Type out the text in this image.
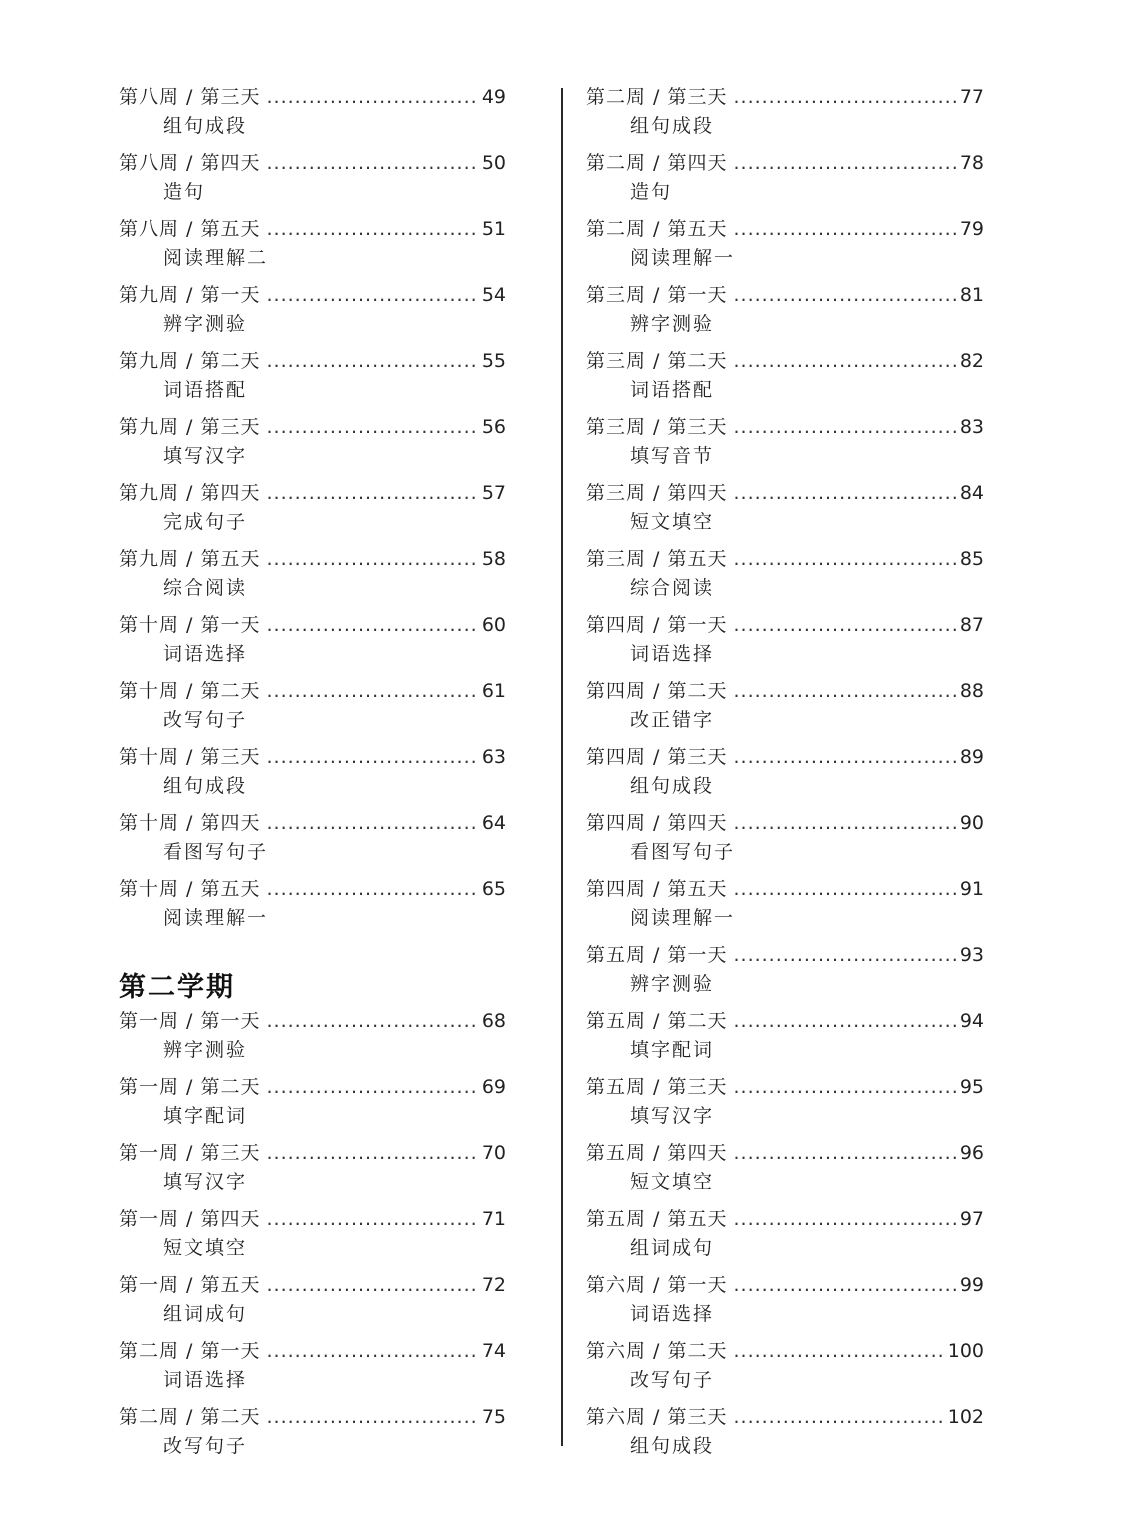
第八周 / 第三天 .....	49
组句成段
第八周 / 第四天 .....	50
造句
第八周 / 第五天 .....	51
阅读理解二
第九周 / 第一天 .....	54
辨字测验
第九周 / 第二天 .....	55
词语搭配
第九周 / 第三天 .....	56
填写汉字
第九周 / 第四天 .....	57
完成句子
第九周 / 第五天 .....	58
综合阅读
第十周 / 第一天 .....	60
词语选择
第十周 / 第二天 .....	61
改写句子
第十周 / 第三天 .....	63
组句成段
第十周 / 第四天 .....	64
看图写句子
第十周 / 第五天 .....	65
阅读理解一
第二学期
第一周 / 第一天 .....	68
辨字测验
第一周 / 第二天 .....	69
填字配词
第一周 / 第三天 .....	70
填写汉字
第一周 / 第四天 .....	71
短文填空
第一周 / 第五天 .....	72
组词成句
第二周 / 第一天 .....	74
词语选择
第二周 / 第二天 .....	75
改写句子
第二周 / 第三天 .....	77
组句成段
第二周 / 第四天 .....	78
造句
第二周 / 第五天 .....	79
阅读理解一
第三周 / 第一天 .....	81
辨字测验
第三周 / 第二天 .....	82
词语搭配
第三周 / 第三天 .....	83
填写音节
第三周 / 第四天 .....	84
短文填空
第三周 / 第五天 .....	85
综合阅读
第四周 / 第一天 .....	87
词语选择
第四周 / 第二天 .....	88
改正错字
第四周 / 第三天 .....	89
组句成段
第四周 / 第四天 .....	90
看图写句子
第四周 / 第五天 .....	91
阅读理解一
第五周 / 第一天 .....	93
辨字测验
第五周 / 第二天 .....	94
填字配词
第五周 / 第三天 .....	95
填写汉字
第五周 / 第四天 .....	96
短文填空
第五周 / 第五天 .....	97
组词成句
第六周 / 第一天 .....	99
词语选择
第六周 / 第二天 .....	100
改写句子
第六周 / 第三天 .....	102
组句成段
